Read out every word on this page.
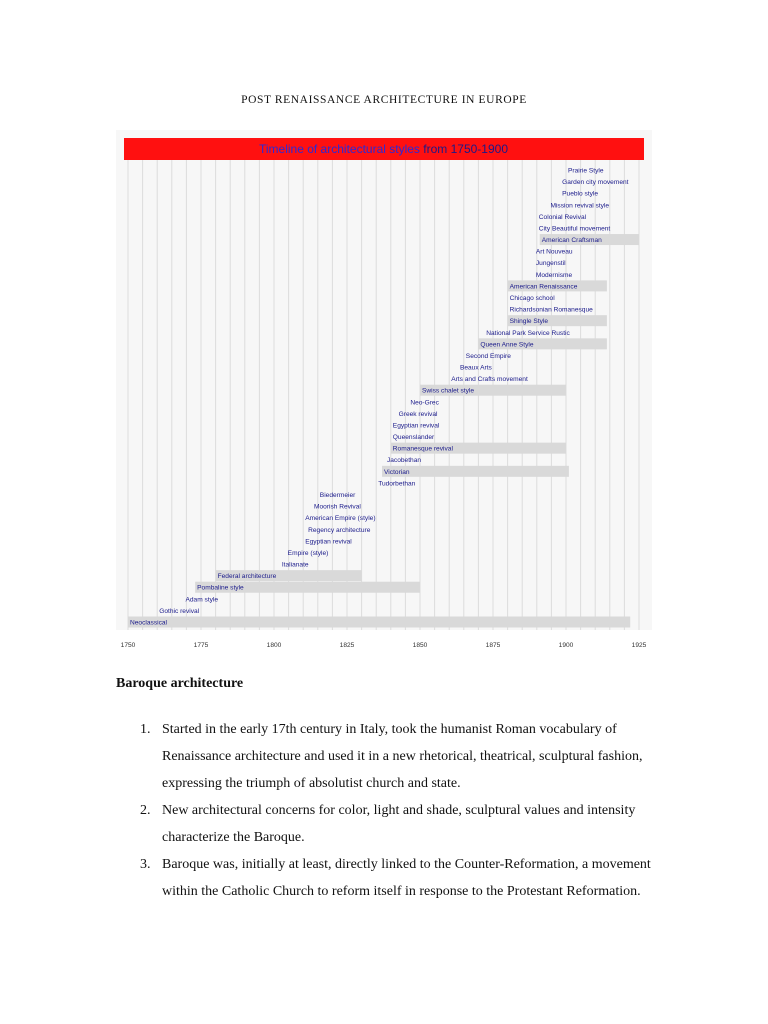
POST RENAISSANCE ARCHITECTURE IN EUROPE
Timeline of architectural styles from 1750-1900
Prairie Style
Garden city movement
Pueblo style
Mission revival style
Colonial Revival
City Beautiful movement
American Craftsman
Art Nouveau
Jungenstil
Modernisme
American Renaissance
Chicago school
Richardsonian Romanesque
Shingle Style
National Park Service Rustic
Queen Anne Style
Second Empire
Beaux Arts
Arts and Crafts movement
Swiss chalet style
Neo-Grec
Greek revival
Egyptian revival
Queenslander
Romanesque revival
Jacobethan
Victorian
Tudorbethan
Biedermeier
Moorish Revival
American Empire (style)
Regency architecture
Egyptian revival
Empire (style)
Italianate
Federal architecture
Pombaline style
Adam style
Gothic revival
Neoclassical
1750	1775	1800	1825	1850	1875	1900	1925
Baroque architecture
1. Started in the early 17th century in Italy, took the humanist Roman vocabulary of Renaissance architecture and used it in a new rhetorical, theatrical, sculptural fashion, expressing the triumph of absolutist church and state.
2. New architectural concerns for color, light and shade, sculptural values and intensity characterize the Baroque.
3. Baroque was, initially at least, directly linked to the Counter-Reformation, a movement within the Catholic Church to reform itself in response to the Protestant Reformation.
